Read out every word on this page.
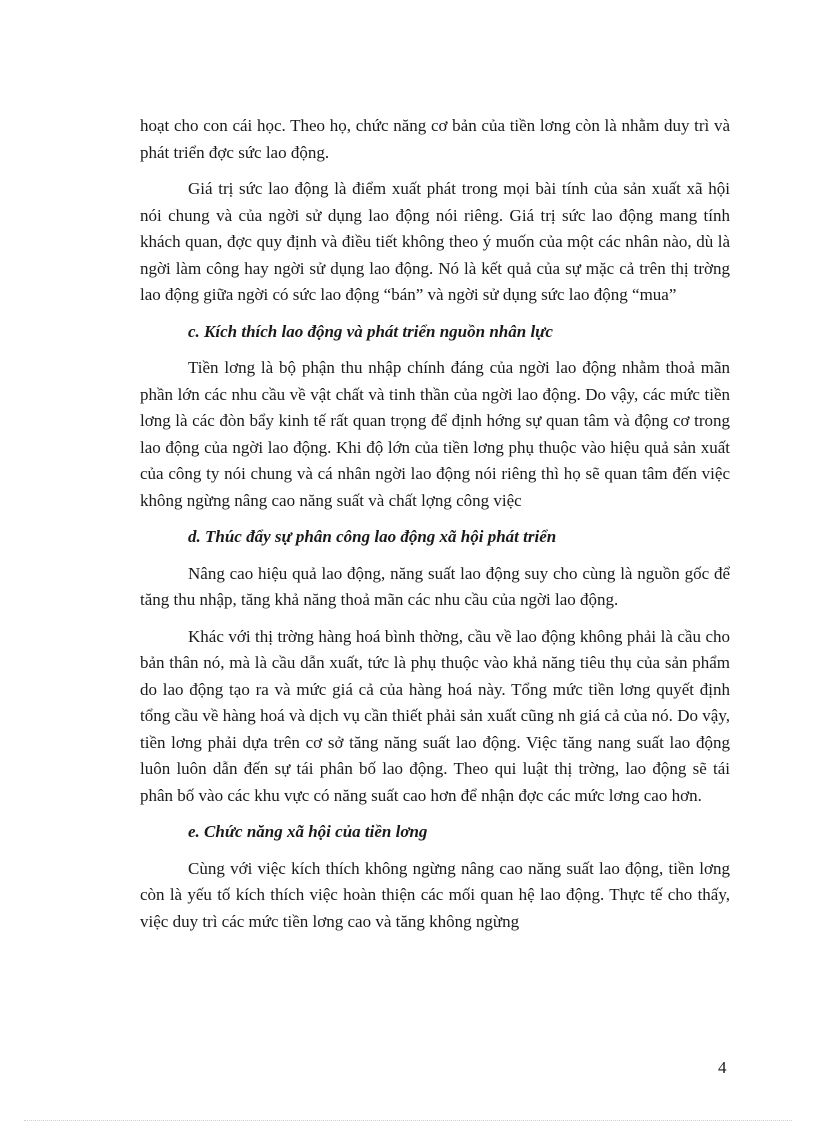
hoạt cho con cái học. Theo họ, chức năng cơ bản của tiền lơng còn là nhằm duy trì và phát triển đợc sức lao động.

Giá trị sức lao động là điểm xuất phát trong mọi bài tính của sản xuất xã hội nói chung và của ngời sử dụng lao động nói riêng. Giá trị sức lao động mang tính khách quan, đợc quy định và điều tiết không theo ý muốn của một các nhân nào, dù là ngời làm công hay ngời sử dụng lao động. Nó là kết quả của sự mặc cả trên thị trờng lao động giữa ngời có sức lao động “bán” và ngời sử dụng sức lao động “mua”

c. Kích thích lao động và phát triển nguồn nhân lực

Tiền lơng là bộ phận thu nhập chính đáng của ngời lao động nhằm thoả mãn phần lớn các nhu cầu về vật chất và tinh thần của ngời lao động. Do vậy, các mức tiền lơng là các đòn bẩy kinh tế rất quan trọng để định hớng sự quan tâm và động cơ trong lao động của ngời lao động. Khi độ lớn của tiền lơng phụ thuộc vào hiệu quả sản xuất của công ty nói chung và cá nhân ngời lao động nói riêng thì họ sẽ quan tâm đến việc không ngừng nâng cao năng suất và chất lợng công việc

d. Thúc đẩy sự phân công lao động xã hội phát triển

Nâng cao hiệu quả lao động, năng suất lao động suy cho cùng là nguồn gốc để tăng thu nhập, tăng khả năng thoả mãn các nhu cầu của ngời lao động.

Khác với thị trờng hàng hoá bình thờng, cầu về lao động không phải là cầu cho bản thân nó, mà là cầu dẫn xuất, tức là phụ thuộc vào khả năng tiêu thụ của sản phẩm do lao động tạo ra và mức giá cả của hàng hoá này. Tổng mức tiền lơng quyết định tổng cầu về hàng hoá và dịch vụ cần thiết phải sản xuất cũng nh giá cả của nó. Do vậy, tiền lơng phải dựa trên cơ sở tăng năng suất lao động. Việc tăng nang suất lao động luôn luôn dẫn đến sự tái phân bố lao động. Theo qui luật thị trờng, lao động sẽ tái phân bố vào các khu vực có năng suất cao hơn để nhận đợc các mức lơng cao hơn.

e. Chức năng xã hội của tiền lơng

Cùng với việc kích thích không ngừng nâng cao năng suất lao động, tiền lơng còn là yếu tố kích thích việc hoàn thiện các mối quan hệ lao động. Thực tế cho thấy, việc duy trì các mức tiền lơng cao và tăng không ngừng

4
